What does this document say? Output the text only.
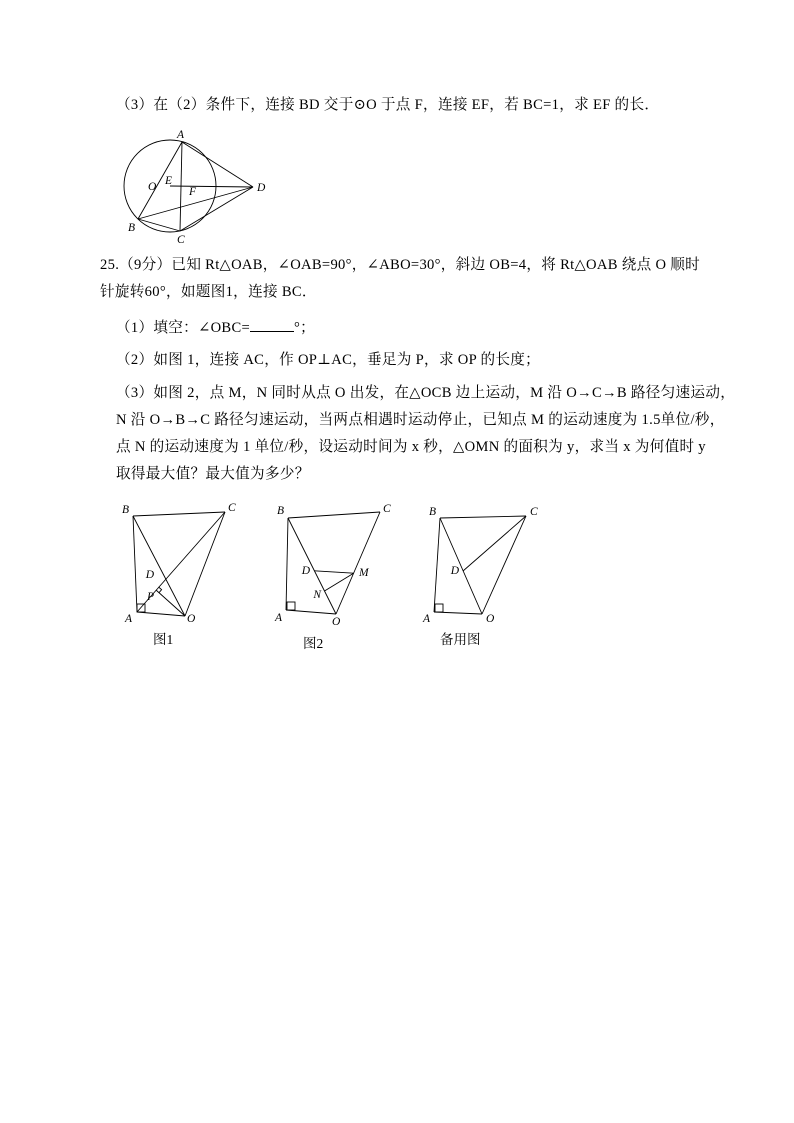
（3）在（2）条件下，连接 BD 交于⊙O 于点 F，连接 EF，若 BC=1，求 EF 的长．
A
O E
F	D
B
C
25.（9分）已知 Rt△OAB，∠OAB=90°，∠ABO=30°，斜边 OB=4，将 Rt△OAB 绕点 O 顺时
针旋转60°，如题图1，连接 BC．
（1）填空：∠OBC=	°；
（2）如图 1，连接 AC，作 OP⊥AC，垂足为 P，求 OP 的长度；
（3）如图 2，点 M，N 同时从点 O 出发，在△OCB 边上运动，M 沿 O→C→B 路径匀速运动，
N 沿 O→B→C 路径匀速运动，当两点相遇时运动停止，已知点 M 的运动速度为 1.5单位/秒，
点 N 的运动速度为 1 单位/秒，设运动时间为 x 秒，△OMN 的面积为 y，求当 x 为何值时 y
取得最大值？最大值为多少？
B	C
D
P
A	O
图1
B	C
D
N
M
A	O
图2
B	C
D
A	O
备用图
